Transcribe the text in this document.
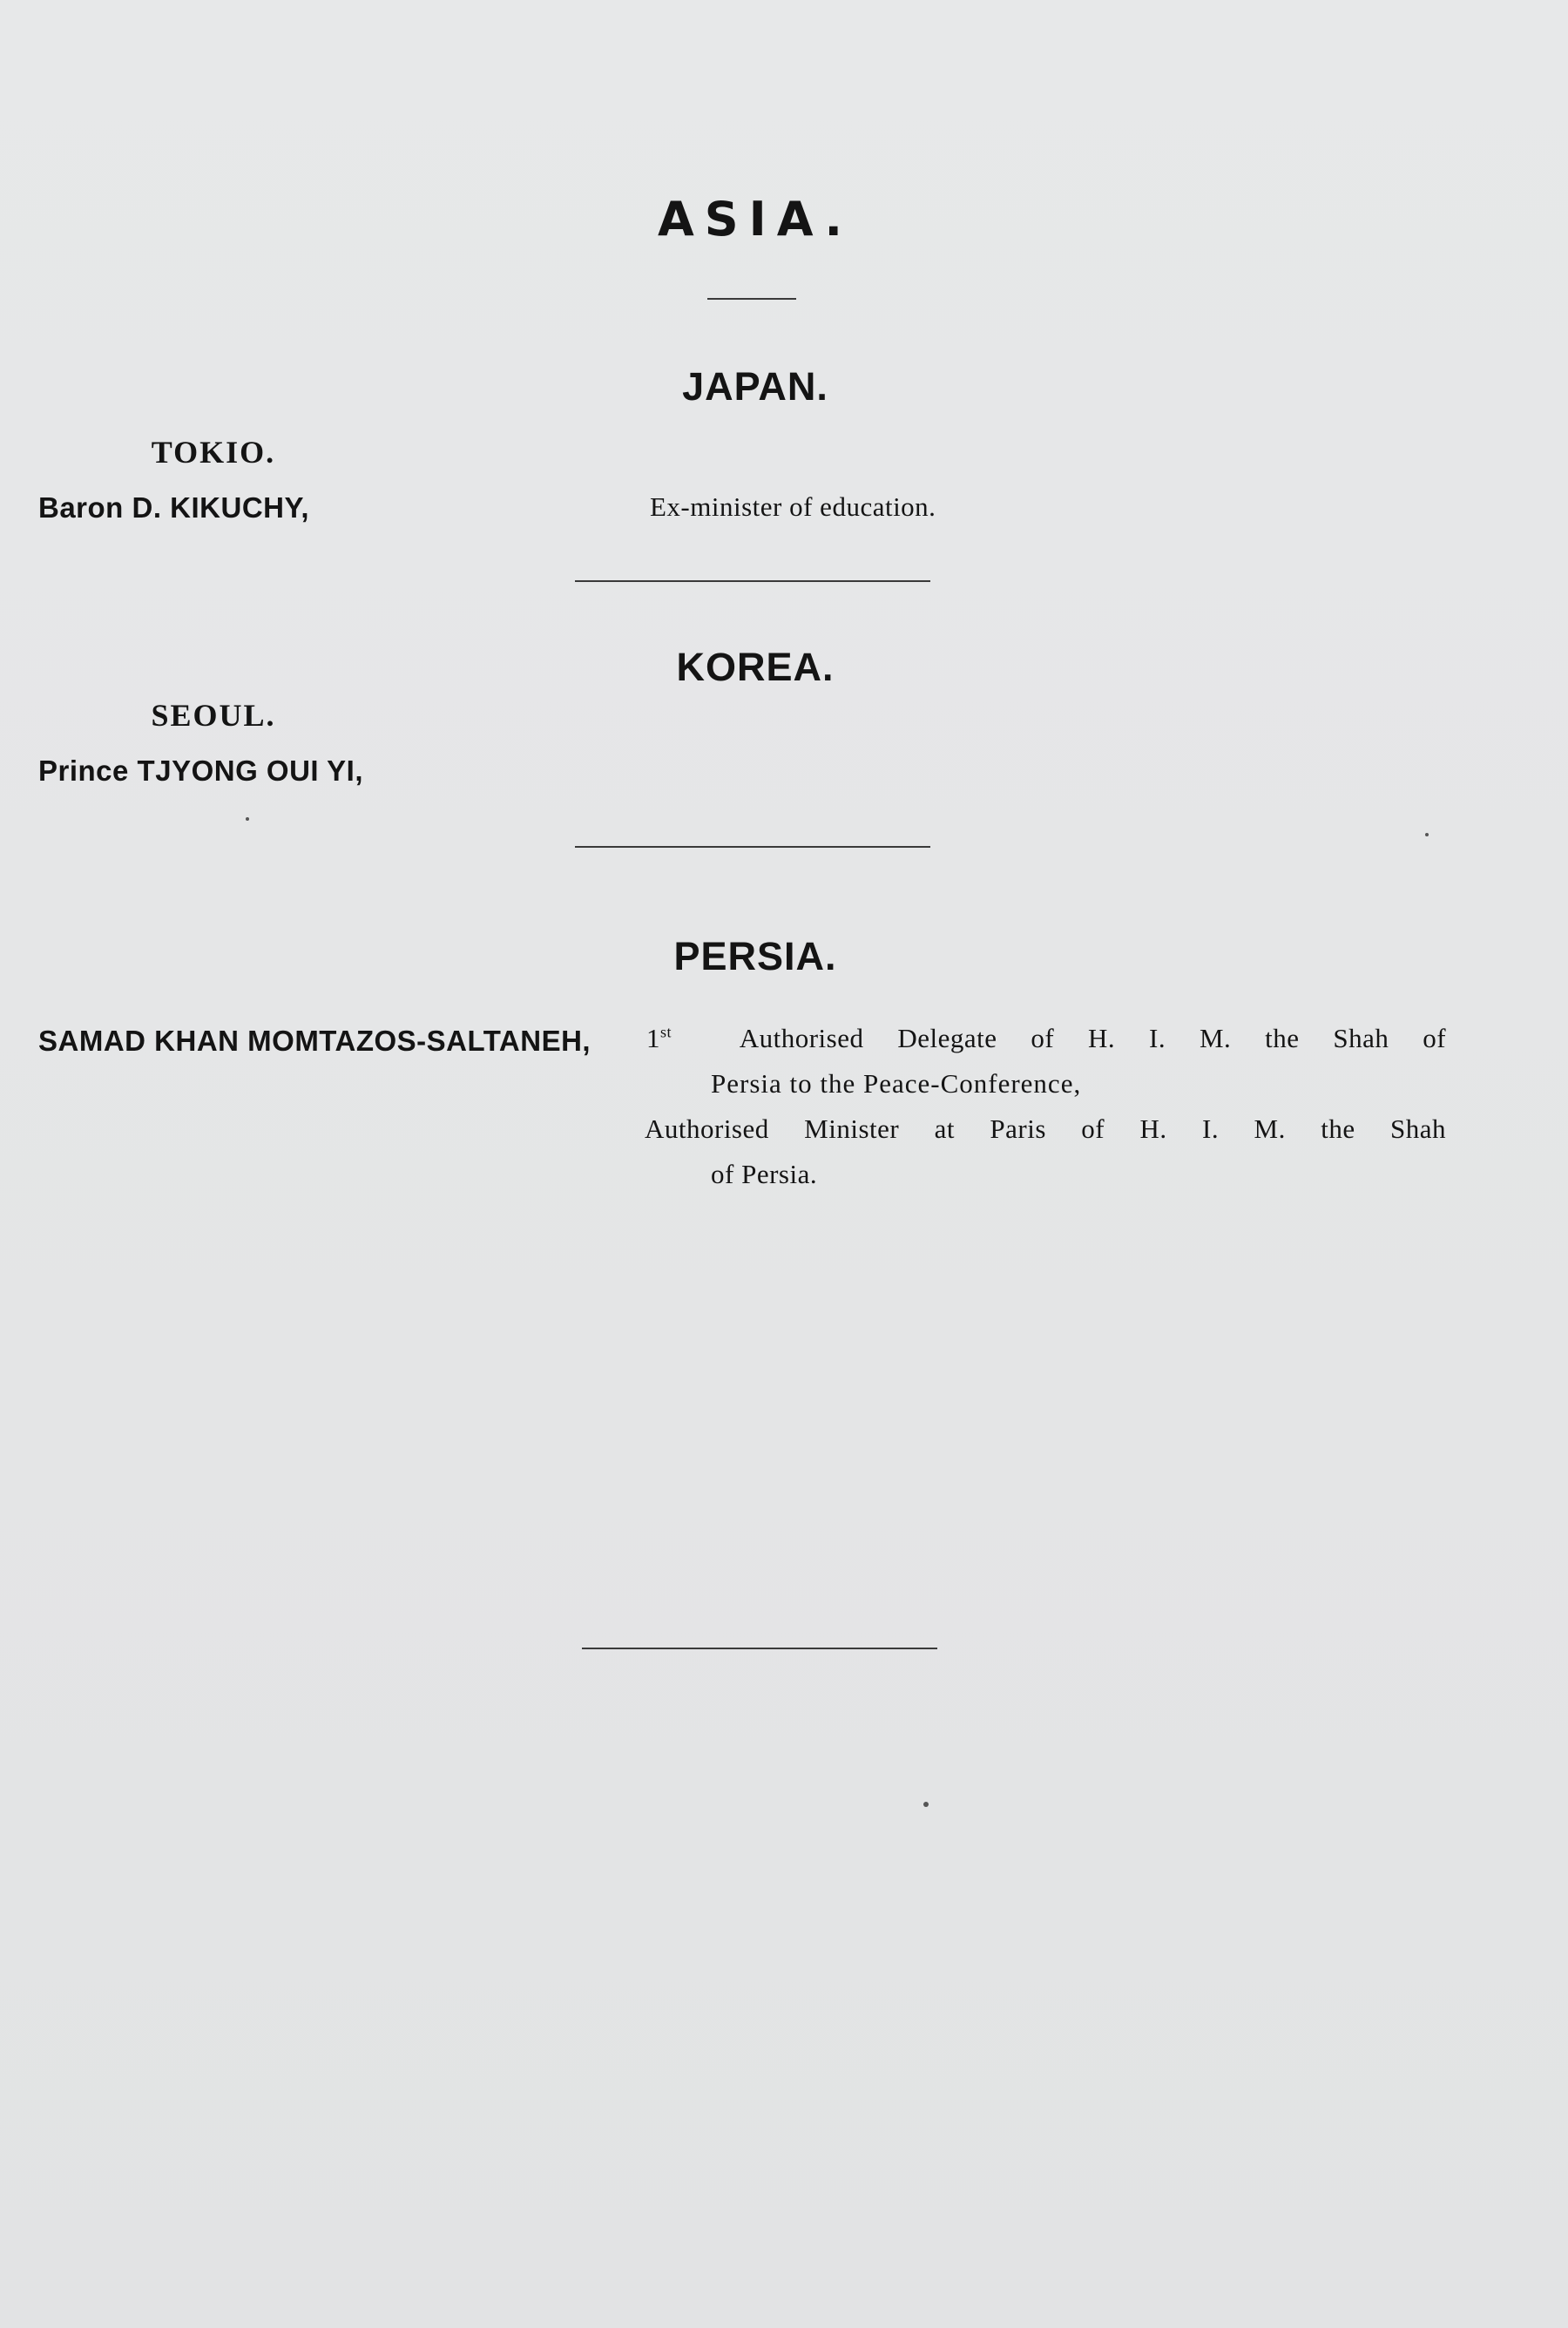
ASIA.
JAPAN.
TOKIO.
Baron D. KIKUCHY,	Ex-minister of education.
KOREA.
SEOUL.
Prince TJYONG OUI YI,
PERSIA.
SAMAD KHAN MOMTAZOS-SALTANEH, 1st	Authorised Delegate of H. I. M. the Shah of
Persia to the Peace-Conference,
Authorised Minister at Paris of H. I. M. the Shah
of Persia.
